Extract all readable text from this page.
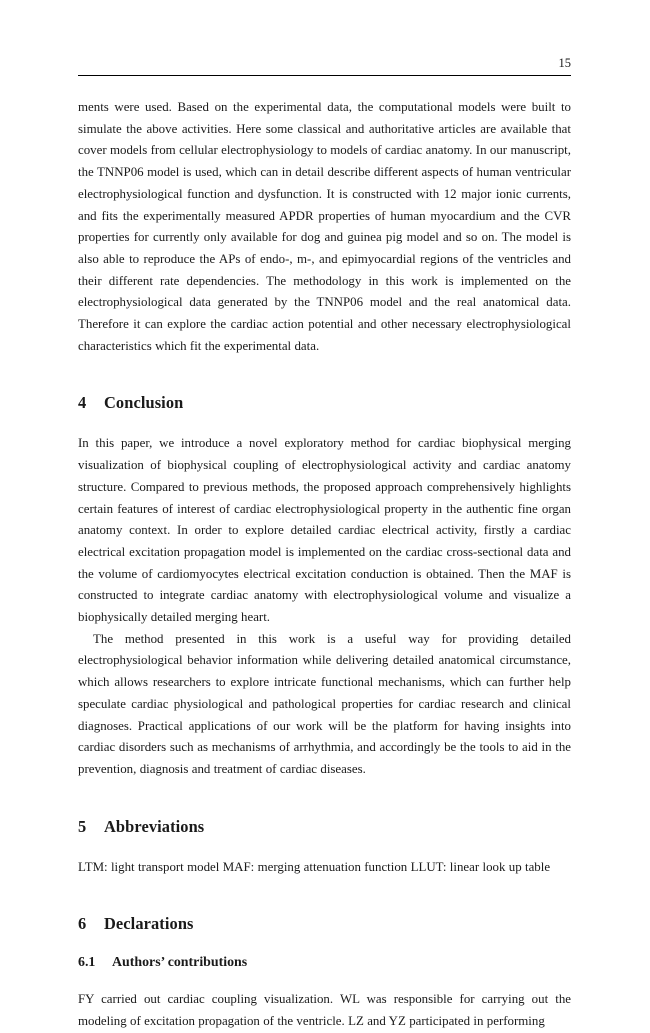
15

ments were used. Based on the experimental data, the computational models were built to simulate the above activities. Here some classical and authoritative articles are available that cover models from cellular electrophysiology to models of cardiac anatomy. In our manuscript, the TNNP06 model is used, which can in detail describe different aspects of human ventricular electrophysiological function and dysfunction. It is constructed with 12 major ionic currents, and fits the experimentally measured APDR properties of human myocardium and the CVR properties for currently only available for dog and guinea pig model and so on. The model is also able to reproduce the APs of endo-, m-, and epimyocardial regions of the ventricles and their different rate dependencies. The methodology in this work is implemented on the electrophysiological data generated by the TNNP06 model and the real anatomical data. Therefore it can explore the cardiac action potential and other necessary electrophysiological characteristics which fit the experimental data.

4 Conclusion

In this paper, we introduce a novel exploratory method for cardiac biophysical merging visualization of biophysical coupling of electrophysiological activity and cardiac anatomy structure. Compared to previous methods, the proposed approach comprehensively highlights certain features of interest of cardiac electrophysiological property in the authentic fine organ anatomy context. In order to explore detailed cardiac electrical activity, firstly a cardiac electrical excitation propagation model is implemented on the cardiac cross-sectional data and the volume of cardiomyocytes electrical excitation conduction is obtained. Then the MAF is constructed to integrate cardiac anatomy with electrophysiological volume and visualize a biophysically detailed merging heart.

The method presented in this work is a useful way for providing detailed electrophysiological behavior information while delivering detailed anatomical circumstance, which allows researchers to explore intricate functional mechanisms, which can further help speculate cardiac physiological and pathological properties for cardiac research and clinical diagnoses. Practical applications of our work will be the platform for having insights into cardiac disorders such as mechanisms of arrhythmia, and accordingly be the tools to aid in the prevention, diagnosis and treatment of cardiac diseases.

5 Abbreviations

LTM: light transport model MAF: merging attenuation function LLUT: linear look up table

6 Declarations
6.1 Authors’ contributions

FY carried out cardiac coupling visualization. WL was responsible for carrying out the modeling of excitation propagation of the ventricle. LZ and YZ participated in performing
